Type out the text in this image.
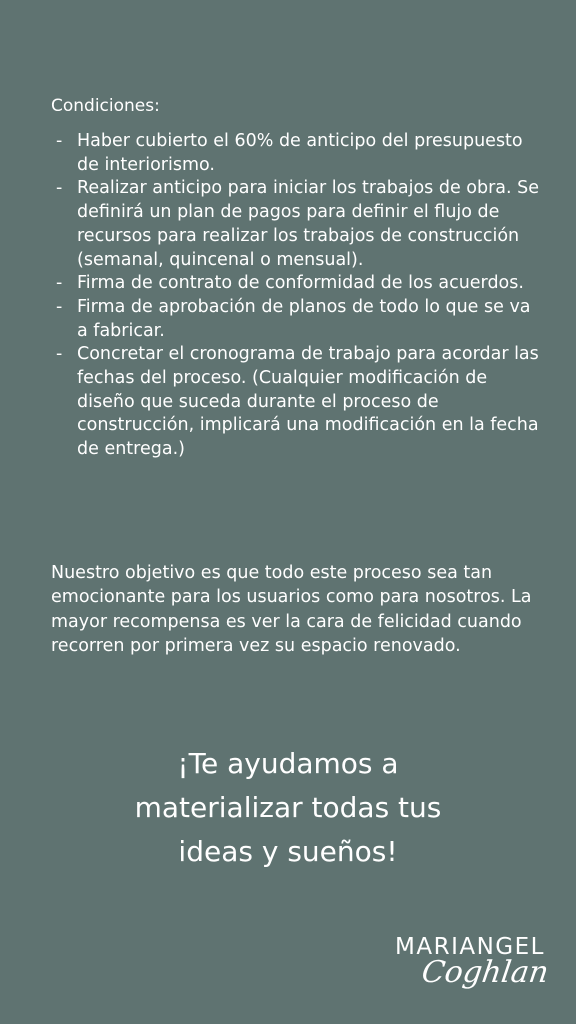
Condiciones:
- Haber cubierto el 60% de anticipo del presupuesto de interiorismo.
- Realizar anticipo para iniciar los trabajos de obra. Se definirá un plan de pagos para definir el flujo de recursos para realizar los trabajos de construcción (semanal, quincenal o mensual).
- Firma de contrato de conformidad de los acuerdos.
- Firma de aprobación de planos de todo lo que se va a fabricar.
- Concretar el cronograma de trabajo para acordar las fechas del proceso. (Cualquier modificación de diseño que suceda durante el proceso de construcción, implicará una modificación en la fecha de entrega.)

Nuestro objetivo es que todo este proceso sea tan emocionante para los usuarios como para nosotros. La mayor recompensa es ver la cara de felicidad cuando recorren por primera vez su espacio renovado.

¡Te ayudamos a
materializar todas tus
ideas y sueños!
MARIANGEL
Coghlan
